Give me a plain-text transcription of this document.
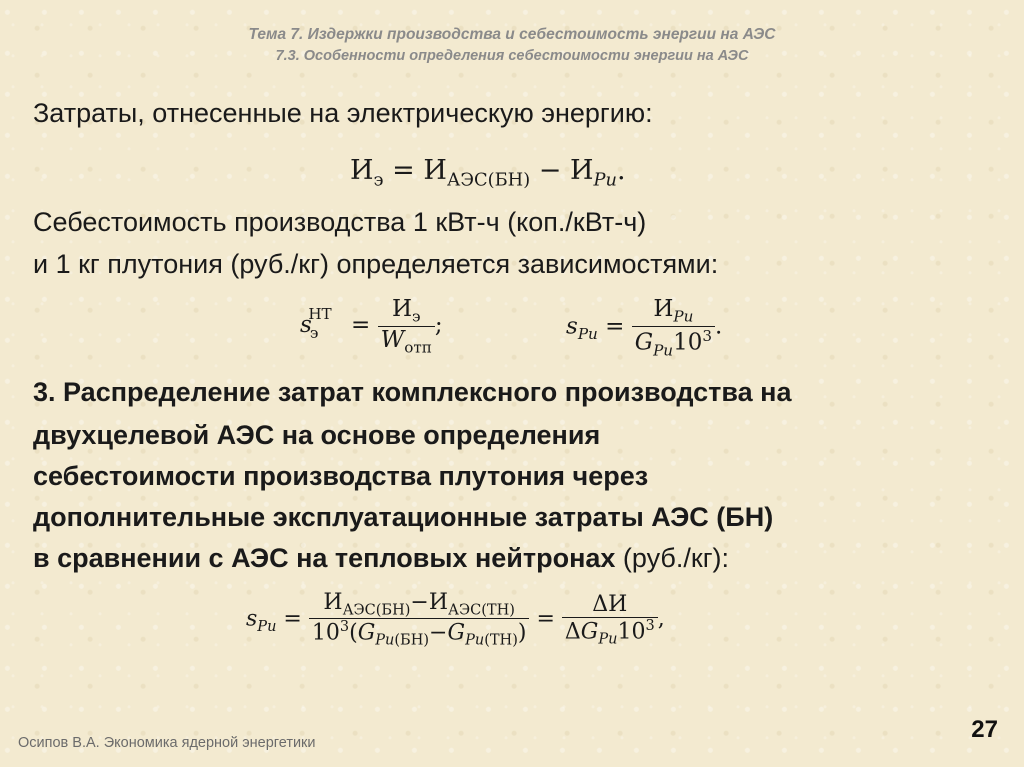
Тема 7. Издержки производства и себестоимость энергии на АЭС
7.3. Особенности определения себестоимости энергии на АЭС
Затраты, отнесенные на электрическую энергию:
$И_э = И_{АЭС(БН)} - И_{Pu}$.
Себестоимость производства 1 кВт-ч (коп./кВт-ч)
и 1 кг плутония (руб./кг) определяется зависимостями:
$s_э^{НТ} = \frac{И_э}{W_{отп}}$ ;	$s_{Pu} = \frac{И_{Pu}}{G_{Pu}10^3}$ .
3. Распределение затрат комплексного производства на
двухцелевой АЭС на основе определения
себестоимости производства плутония через
дополнительные эксплуатационные затраты АЭС (БН)
в сравнении с АЭС на тепловых нейтронах (руб./кг):
$s_{Pu} = \frac{И_{АЭС(БН)}-И_{АЭС(ТН)}}{10^3(G_{Pu(БН)}-G_{Pu(ТН)})} = \frac{\Delta И}{\Delta G_{Pu}10^3}$ ,
Осипов В.А. Экономика ядерной энергетики	27
